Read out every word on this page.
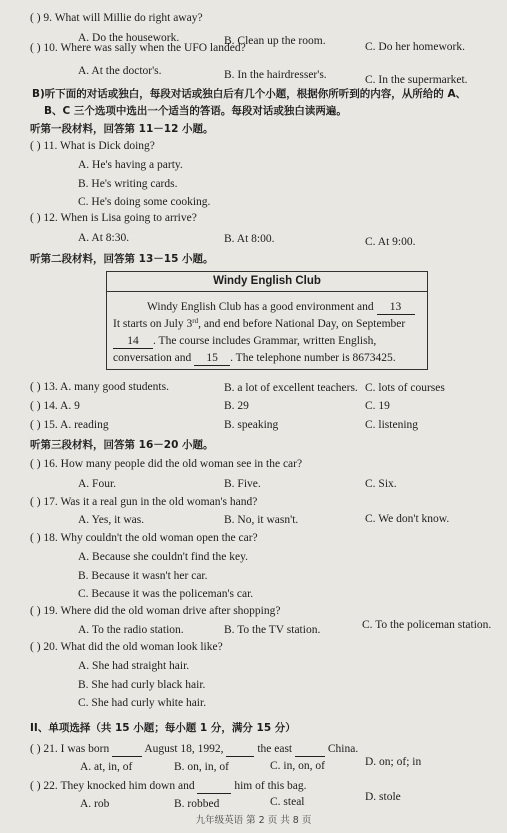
( ) 9. What will Millie do right away?
A. Do the housework.	B. Clean up the room.	C. Do her homework.
( ) 10. Where was sally when the UFO landed?
A. At the doctor's.	B. In the hairdresser's.	C. In the supermarket.
B)听下面的对话或独白，每段对话或独白后有几个小题，根据你所听到的内容，从所给的 A、
B、C 三个选项中选出一个适当的答语。每段对话或独白读两遍。
听第一段材料，回答第 11－12 小题。
( ) 11. What is Dick doing?
A. He's having a party.
B. He's writing cards.
C. He's doing some cooking.
( ) 12. When is Lisa going to arrive?
A. At 8:30.	B. At 8:00.	C. At 9:00.
听第二段材料，回答第 13－15 小题。
Windy English Club
Windy English Club has a good environment and 13
It starts on July 3rd, and end before National Day, on September
14 . The course includes Grammar, written English,
conversation and 15 . The telephone number is 8673425.
( ) 13. A. many good students.	B. a lot of excellent teachers. C. lots of courses
( ) 14. A. 9	B. 29	C. 19
( ) 15. A. reading	B. speaking	C. listening
听第三段材料，回答第 16－20 小题。
( ) 16. How many people did the old woman see in the car?
A. Four.	B. Five.	C. Six.
( ) 17. Was it a real gun in the old woman's hand?
A. Yes, it was.	B. No, it wasn't.	C. We don't know.
( ) 18. Why couldn't the old woman open the car?
A. Because she couldn't find the key.
B. Because it wasn't her car.
C. Because it was the policeman's car.
( ) 19. Where did the old woman drive after shopping?
A. To the radio station.	B. To the TV station.	C. To the policeman station.
( ) 20. What did the old woman look like?
A. She had straight hair.
B. She had curly black hair.
C. She had curly white hair.
II、单项选择（共 15 小题；每小题 1 分，满分 15 分）
( ) 21. I was born	August 18, 1992,	the east	China.
A. at, in, of	B. on, in, of	C. in, on, of	D. on; of; in
( ) 22. They knocked him down and	him of this bag.
A. rob	B. robbed	C. steal	D. stole
九年级英语 第 2 页 共 8 页
